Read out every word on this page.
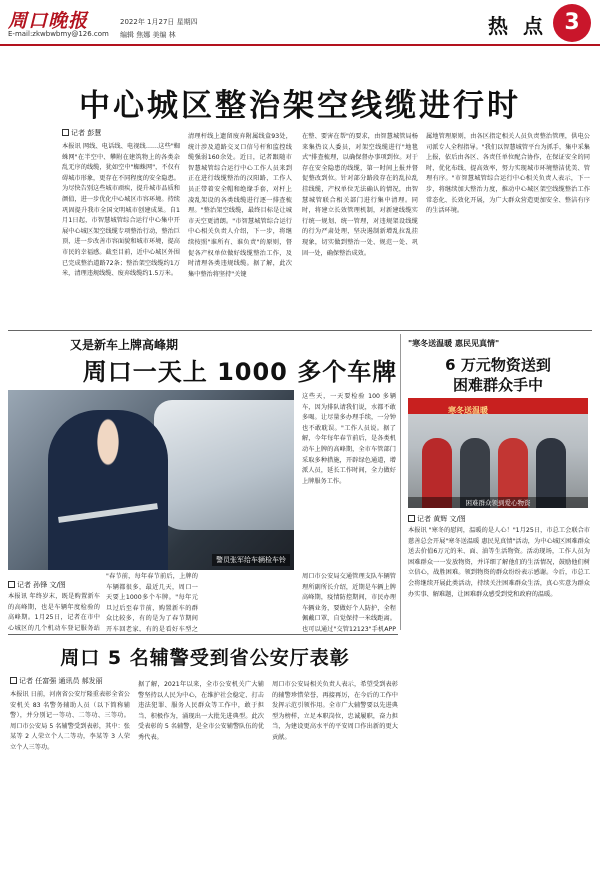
周口晚报
E-mail:zkwbwbmy@126.com
2022年 1月27日 星期四
编辑 焦娜 美编 林	热 点 3
中心城区整治架空线缆进行时
记者 彭慧
本报讯 网线、电话线、电视线……这些"蜘蛛网"在半空中、攀附在建筑物上的各类杂乱无序的线缆，犹如空中"蜘蛛网"，不仅有碍城市形象，更存在不同程度的安全隐患。为尽快告别这些城市顽疾，提升城市品质和颜值，进一步优化中心城区市容环境。持续巩固提升我市全国文明城市创建成果。自1月1日起，市智慧城管综合运行中心集中开展中心城区架空线缆专项整治行动，整治巨顶，进一步改善市容面貌和城市环境，提高市民的幸福感。截至目前，近中心城区外围已完成整治道路72条；整治架空线缆约1万米，清理违规线缆、废弃线缆约1.5万米。
清理杆线上遗留废弃附属线盒93处，统计涉及道路交叉口信号杆和监控线缆强弱160余处。近日，记者跟随市智慧城管综合运行中心工作人员来到正在进行线缆整治的汉阳路，工作人员正带着安全帽和绝缘手套，对杆上凌乱架设的各类线缆进行逐一排查梳理。"整治架空线缆，最终目标是让城市天空更清朗。"市智慧城管综合运行中心相关负责人介绍，下一步，将继续按照"谁所有、谁负责"的原则，督促各产权单位做好线缆整治工作，及时清理各类违规线缆。据了解，此次集中整治将坚持"关键
在整、要害在帮"的要求，由智慧城管局杨来集热议人委员，对架空线缆进行"地毯式"排查梳理，以确保督办事项到位。对于存在安全隐患的线缆，第一时间上报并督促整改到位。针对部分路段存在的乱拉乱挂线缆，产权单位无法确认的情况，由智慧城管联合相关部门进行集中清理。同时，将建立长效管理机制，对新建线缆实行统一规划、统一管理，对违规架设线缆的行为严肃处理，坚决遏制新增乱拉乱挂现象，切实做到整治一处、规范一处、巩固一处，确保整治成效。
属地管理原则，由各区指定相关人员负责整治管理，供电公司派专人全程指导。"我们以智慧城管平台为抓手，集中采集上报，依后由各区、各责任单位配合协作，在保证安全的同时，优化布线、提高效率，努力实现城市环境整洁优美、管理有序。"市智慧城管综合运行中心相关负责人表示，下一步，将继续加大整治力度，推动中心城区架空线缆整治工作常态化、长效化开展，为广大群众营造更加安全、整洁有序的生活环境。
又是新车上牌高峰期
周口一天上 1000 多个车牌
警员张军给车辆检车铃
这些天，一天要检验 100 多辆车，因为排队请我们说，水都不敢多喝。让尽量多办理手续，一分钟也不敢耽误。"工作人员说。据了解，今年每年春节前后，是各类机动车上牌的高峰期，全市车管部门采取多种措施，开辟绿色通道，增派人员，延长工作时间，全力做好上牌服务工作。
记者 孙锋 文/图
本报讯 年终岁末，既是购置新车的高峰期，也是车辆年度检验的高峰期。1月25日，记者在市中心城区的几个机动车登记服务站
"春节前，每年春节前后，上牌的车辆都很多，最近几天，周口一天要上1000多个车牌。"每年元旦过后至春节前，购置新车的群众比较多，有的是为了春节期间开车回老家，有的是看好车型之
周口市公安局交通管理支队车辆管理所副所长介绍，近期是车辆上牌高峰期，疫情防控期间，市民办理车辆业务，要做好个人防护，全程佩戴口罩，自觉保持一米线距离。也可以通过"交管12123"手机APP
"寒冬送温暖 惠民见真情"
6 万元物资送到
困难群众手中
寒冬送温暖
困难群众领到爱心物资
记者 黄辉 文/图
本报讯 "寒冬的慰问，温暖的是人心！"1月25日，市总工会联合市慈善总会开展"寒冬送温暖 惠民见真情"活动，为中心城区困难群众送去价值6万元的米、面、油等生活物资。活动现场，工作人员为困难群众一一发放物资，并详细了解他们的生活情况，鼓励他们树立信心，战胜困难。领到物资的群众纷纷表示感谢。今后，市总工会将继续开展此类活动，持续关注困难群众生活，真心实意为群众办实事、解难题，让困难群众感受到党和政府的温暖。
周口 5 名辅警受到省公安厅表彰
记者 任富强 通讯员 郝发丽
本报讯 日前，河南省公安厅隆重表彰全省公安机关 83 名警务辅助人员（以下简称辅警），并分别记一等功、二等功、三等功。周口市公安局 5 名辅警受到表彰，其中：张某等 2 人荣立个人二等功，李某等 3 人荣立个人三等功。
据了解，2021年以来，全市公安机关广大辅警坚持以人民为中心，在维护社会稳定、打击违法犯罪、服务人民群众等工作中，敢于担当、积极作为，涌现出一大批先进典型。此次受表彰的 5 名辅警，是全市公安辅警队伍的优秀代表。
周口市公安局相关负责人表示，希望受到表彰的辅警珍惜荣誉，再接再厉，在今后的工作中发挥示范引领作用。全市广大辅警要以先进典型为榜样，立足本职岗位，忠诚履职，奋力担当，为建设更高水平的平安周口作出新的更大贡献。
